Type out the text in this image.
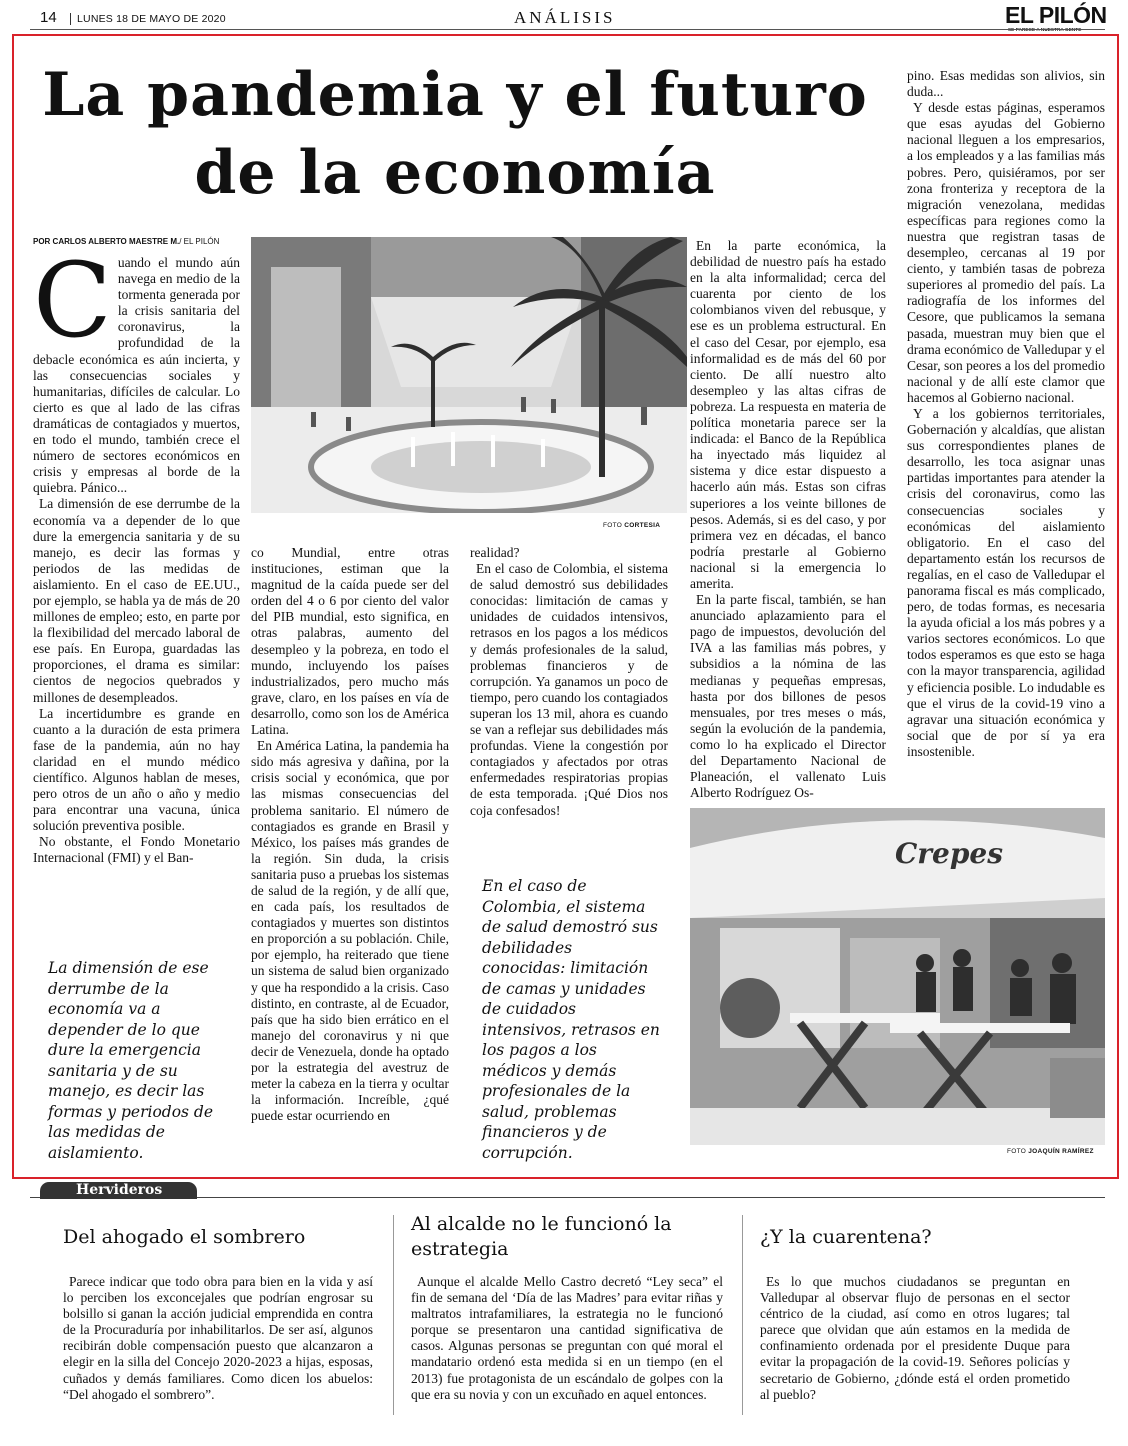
14	LUNES 18 DE MAYO DE 2020	ANÁLISIS	EL PILÓN
La pandemia y el futuro
de la economía
POR CARLOS ALBERTO MAESTRE M./ EL PILÓN

Cuando el mundo aún navega en medio de la tormenta generada por la crisis sanitaria del coronavirus, la profundidad de la debacle económica es aún incierta, y las consecuencias sociales y humanitarias, difíciles de calcular. Lo cierto es que al lado de las cifras dramáticas de contagiados y muertos, en todo el mundo, también crece el número de sectores económicos en crisis y empresas al borde de la quiebra. Pánico...

La dimensión de ese derrumbe de la economía va a depender de lo que dure la emergencia sanitaria y de su manejo, es decir las formas y periodos de las medidas de aislamiento. En el caso de EE.UU., por ejemplo, se habla ya de más de 20 millones de empleo; esto, en parte por la flexibilidad del mercado laboral de ese país. En Europa, guardadas las proporciones, el drama es similar: cientos de negocios quebrados y millones de desempleados.

La incertidumbre es grande en cuanto a la duración de esta primera fase de la pandemia, aún no hay claridad en el mundo médico científico. Algunos hablan de meses, pero otros de un año o año y medio para encontrar una vacuna, única solución preventiva posible.

No obstante, el Fondo Monetario Internacional (FMI) y el Ban-

La dimensión de ese derrumbe de la economía va a depender de lo que dure la emergencia sanitaria y de su manejo, es decir las formas y periodos de las medidas de aislamiento.
FOTO CORTESIA

co Mundial, entre otras instituciones, estiman que la magnitud de la caída puede ser del orden del 4 o 6 por ciento del valor del PIB mundial, esto significa, en otras palabras, aumento del desempleo y la pobreza, en todo el mundo, incluyendo los países industrializados, pero mucho más grave, claro, en los países en vía de desarrollo, como son los de América Latina.

En América Latina, la pandemia ha sido más agresiva y dañina, por la crisis social y económica, que por las mismas consecuencias del problema sanitario. El número de contagiados es grande en Brasil y México, los países más grandes de la región. Sin duda, la crisis sanitaria puso a pruebas los sistemas de salud de la región, y de allí que, en cada país, los resultados de contagiados y muertes son distintos en proporción a su población. Chile, por ejemplo, ha reiterado que tiene un sistema de salud bien organizado y que ha respondido a la crisis. Caso distinto, en contraste, al de Ecuador, país que ha sido bien errático en el manejo del coronavirus y ni que decir de Venezuela, donde ha optado por la estrategia del avestruz de meter la cabeza en la tierra y ocultar la información. Increíble, ¿qué puede estar ocurriendo en

realidad?

En el caso de Colombia, el sistema de salud demostró sus debilidades conocidas: limitación de camas y unidades de cuidados intensivos, retrasos en los pagos a los médicos y demás profesionales de la salud, problemas financieros y de corrupción. Ya ganamos un poco de tiempo, pero cuando los contagiados superan los 13 mil, ahora es cuando se van a reflejar sus debilidades más profundas. Viene la congestión por contagiados y afectados por otras enfermedades respiratorias propias de esta temporada. ¡Qué Dios nos coja confesados!

En el caso de Colombia, el sistema de salud demostró sus debilidades conocidas: limitación de camas y unidades de cuidados intensivos, retrasos en los pagos a los médicos y demás profesionales de la salud, problemas financieros y de corrupción.

En la parte económica, la debilidad de nuestro país ha estado en la alta informalidad; cerca del cuarenta por ciento de los colombianos viven del rebusque, y ese es un problema estructural. En el caso del Cesar, por ejemplo, esa informalidad es de más del 60 por ciento. De allí nuestro alto desempleo y las altas cifras de pobreza. La respuesta en materia de política monetaria parece ser la indicada: el Banco de la República ha inyectado más liquidez al sistema y dice estar dispuesto a hacerlo aún más. Estas son cifras superiores a los veinte billones de pesos. Además, si es del caso, y por primera vez en décadas, el banco podría prestarle al Gobierno nacional si la emergencia lo amerita.

En la parte fiscal, también, se han anunciado aplazamiento para el pago de impuestos, devolución del IVA a las familias más pobres, y subsidios a la nómina de las medianas y pequeñas empresas, hasta por dos billones de pesos mensuales, por tres meses o más, según la evolución de la pandemia, como lo ha explicado el Director del Departamento Nacional de Planeación, el vallenato Luis Alberto Rodríguez Os-

pino. Esas medidas son alivios, sin duda...

Y desde estas páginas, esperamos que esas ayudas del Gobierno nacional lleguen a los empresarios, a los empleados y a las familias más pobres. Pero, quisiéramos, por ser zona fronteriza y receptora de la migración venezolana, medidas específicas para regiones como la nuestra que registran tasas de desempleo, cercanas al 19 por ciento, y también tasas de pobreza superiores al promedio del país. La radiografía de los informes del Cesore, que publicamos la semana pasada, muestran muy bien que el drama económico de Valledupar y el Cesar, son peores a los del promedio nacional y de allí este clamor que hacemos al Gobierno nacional.

Y a los gobiernos territoriales, Gobernación y alcaldías, que alistan sus correspondientes planes de desarrollo, les toca asignar unas partidas importantes para atender la crisis del coronavirus, como las consecuencias sociales y económicas del aislamiento obligatorio. En el caso del departamento están los recursos de regalías, en el caso de Valledupar el panorama fiscal es más complicado, pero, de todas formas, es necesaria la ayuda oficial a los más pobres y a varios sectores económicos. Lo que todos esperamos es que esto se haga con la mayor transparencia, agilidad y eficiencia posible. Lo indudable es que el virus de la covid-19 vino a agravar una situación económica y social que de por sí ya era insostenible.

Crepes
FOTO JOAQUÍN RAMÍREZ
Hervideros
Del ahogado el sombrero

Parece indicar que todo obra para bien en la vida y así lo perciben los exconcejales que podrían engrosar su bolsillo si ganan la acción judicial emprendida en contra de la Procuraduría por inhabilitarlos. De ser así, algunos recibirán doble compensación puesto que alcanzaron a elegir en la silla del Concejo 2020-2023 a hijas, esposas, cuñados y demás familiares. Como dicen los abuelos: “Del ahogado el sombrero”.

Al alcalde no le funcionó la estrategia

Aunque el alcalde Mello Castro decretó “Ley seca” el fin de semana del ‘Día de las Madres’ para evitar riñas y maltratos intrafamiliares, la estrategia no le funcionó porque se presentaron una cantidad significativa de casos. Algunas personas se preguntan con qué moral el mandatario ordenó esta medida si en un tiempo (en el 2013) fue protagonista de un escándalo de golpes con la que era su novia y con un excuñado en aquel entonces.

¿Y la cuarentena?

Es lo que muchos ciudadanos se preguntan en Valledupar al observar flujo de personas en el sector céntrico de la ciudad, así como en otros lugares; tal parece que olvidan que aún estamos en la medida de confinamiento ordenada por el presidente Duque para evitar la propagación de la covid-19. Señores policías y secretario de Gobierno, ¿dónde está el orden prometido al pueblo?
